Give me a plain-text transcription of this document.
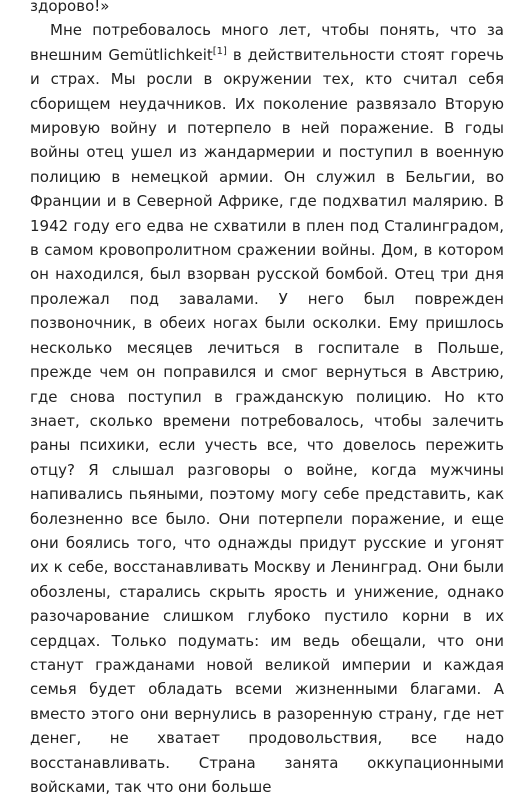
здорово!»

Мне потребовалось много лет, чтобы понять, что за внешним Gemütlichkeit[1] в действительности стоят горечь и страх. Мы росли в окружении тех, кто считал себя сборищем неудачников. Их поколение развязало Вторую мировую войну и потерпело в ней поражение. В годы войны отец ушел из жандармерии и поступил в военную полицию в немецкой армии. Он служил в Бельгии, во Франции и в Северной Африке, где подхватил малярию. В 1942 году его едва не схватили в плен под Сталинградом, в самом кровопролитном сражении войны. Дом, в котором он находился, был взорван русской бомбой. Отец три дня пролежал под завалами. У него был поврежден позвоночник, в обеих ногах были осколки. Ему пришлось несколько месяцев лечиться в госпитале в Польше, прежде чем он поправился и смог вернуться в Австрию, где снова поступил в гражданскую полицию. Но кто знает, сколько времени потребовалось, чтобы залечить раны психики, если учесть все, что довелось пережить отцу? Я слышал разговоры о войне, когда мужчины напивались пьяными, поэтому могу себе представить, как болезненно все было. Они потерпели поражение, и еще они боялись того, что однажды придут русские и угонят их к себе, восстанавливать Москву и Ленинград. Они были обозлены, старались скрыть ярость и унижение, однако разочарование слишком глубоко пустило корни в их сердцах. Только подумать: им ведь обещали, что они станут гражданами новой великой империи и каждая семья будет обладать всеми жизненными благами. А вместо этого они вернулись в разоренную страну, где нет денег, не хватает продовольствия, все надо восстанавливать. Страна занята оккупационными войсками, так что они больше
